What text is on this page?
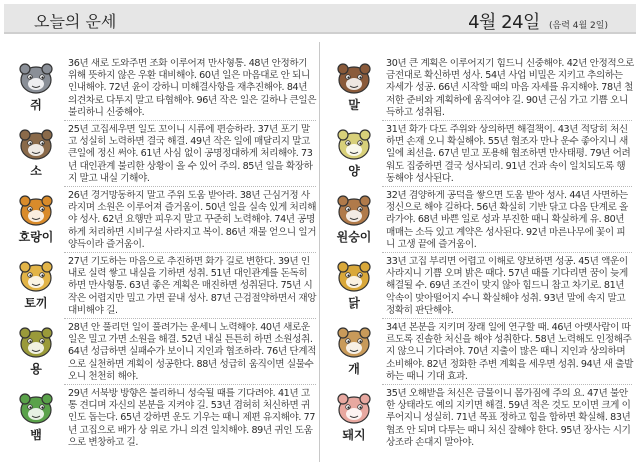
오늘의 운세	4월 24일 (음력 4월 2일)
쥐
36년 새로 도와주면 조화 이루어져 만사형통. 48년 안정하기 위해 뜻하지 않은 우환 대비해야. 60년 일은 마음대로 안 되니 인내해야. 72년 윤이 강하니 미해결사항을 재추진해야. 84년 의견차로 다투지 말고 타협해야. 96년 작은 일은 길하나 큰일은 불리하니 신중해야.
소
25년 고집세우면 일도 꼬이니 시류에 편승하라. 37년 포기 말고 성실히 노력하면 결국 해결. 49년 작은 일에 매달리지 말고 큰일에 정신 써야. 61년 사심 없이 공명정대하게 처리해야. 73년 대인관계 불리한 상황이 올 수 있어 주의. 85년 일을 확장하지 말고 내실 기해야.
호랑이
26년 경거망동하지 말고 주위 도움 받아라. 38년 근심거정 사라지며 소원은 이루어져 즐거움이. 50년 일을 실속 있게 처리해야 성사. 62년 요행만 피우지 말고 꾸준히 노력해야. 74년 공명하게 처리하면 시비구설 사라지고 복이. 86년 재물 얻으니 일거양득이라 즐거움이.
토끼
27년 기도하는 마음으로 추진하면 화가 길로 변한다. 39년 인내로 실력 쌓고 내실을 기하면 성취. 51년 대인관계를 돈독히 하면 만사형통. 63년 좋은 계획은 매진하면 성취된다. 75년 시작은 어렵지만 밀고 가면 끝내 성사. 87년 근검절약하면서 재앙 대비해야 길.
용
28년 안 풀리던 일이 풀려가는 운세니 노력해야. 40년 새로운 일은 밀고 가면 소원을 해결. 52년 내실 튼튼히 하면 소원성취. 64년 성급하면 실패수가 보이니 지인과 협조하라. 76년 단계적으로 실천하면 계획이 성공한다. 88년 성급히 움직이면 실물수 오니 천천히 해야.
뱀
29년 서북방 방향은 불리하니 성숙될 때를 기다려야. 41년 고통 견디며 자신의 본분을 지켜야 길. 53년 겸허히 처신하면 귀인도 돕는다. 65년 강하면 운도 기우는 때니 제편 유지해야. 77년 고집으로 배가 상 위로 가니 의견 일치해야. 89년 귀인 도움으로 변창하고 길.
말
30년 큰 계획은 이루어지기 힘드니 신중해야. 42년 안정적으로 금전대로 확신하면 성사. 54년 사업 비밀은 지키고 추의하는 자세가 성공. 66년 시작할 때의 마음 자세를 유지해야. 78년 철저한 준비와 계획하에 움직여야 길. 90년 근심 가고 기쁨 오니 득하고 성취됨.
양
31년 화가 다도 주위와 상의하면 해결책이. 43년 적당히 처신하면 손재 오니 확실해야. 55년 협조자 만나 운수 좋아지니 새일에 최선을. 67년 믿고 포용해 협조하면 만사태평. 79년 어려워도 집중하면 결국 성사되리. 91년 건과 속이 일치되도록 행동해야 성사된다.
원숭이
32년 겸양하게 공덕을 쌓으면 도움 받아 성사. 44년 사면하는 정신으로 해야 길하다. 56년 확실히 기반 닦고 다음 단계로 올라가야. 68년 바쁜 일로 성과 부진한 때니 확실하게 유. 80년 매매는 소득 있고 계약은 성사된다. 92년 마른나무에 꽃이 피니 고생 끝에 즐거움이.
닭
33년 고집 부리면 어렵고 이해로 양보하면 성공. 45년 액운이 사라지니 기쁨 오며 밝은 때다. 57년 때를 기다리면 꿈이 늦게 해결될 수. 69년 조건이 맞지 않아 힘드니 참고 차기로. 81년 악속이 맞아떨어지 수니 확실해야 성취. 93년 말에 속지 말고 정확히 판단해야.
개
34년 본분을 지키며 장래 일에 연구할 때. 46년 아랫사람이 따르도록 진솔한 처신을 해야 성취한다. 58년 노력해도 인정해주지 않으니 기다려야. 70년 지출이 많은 때니 지인과 상의하며 소비해야. 82년 정화한 주변 계획을 세우면 성취. 94년 새 출발하는 때니 기대 효과.
돼지
35년 오해받을 처신은 금물이니 몸가짐에 주의 요. 47년 불안한 상태라도 예의 지키면 해결. 59년 적은 것도 모이면 크게 이루어지니 성실히. 71년 목표 정하고 힘을 합하면 확실해. 83년 협조 안 되며 다투는 때니 처신 잘해야 한다. 95년 장사는 시기상조라 손대지 말아야.
